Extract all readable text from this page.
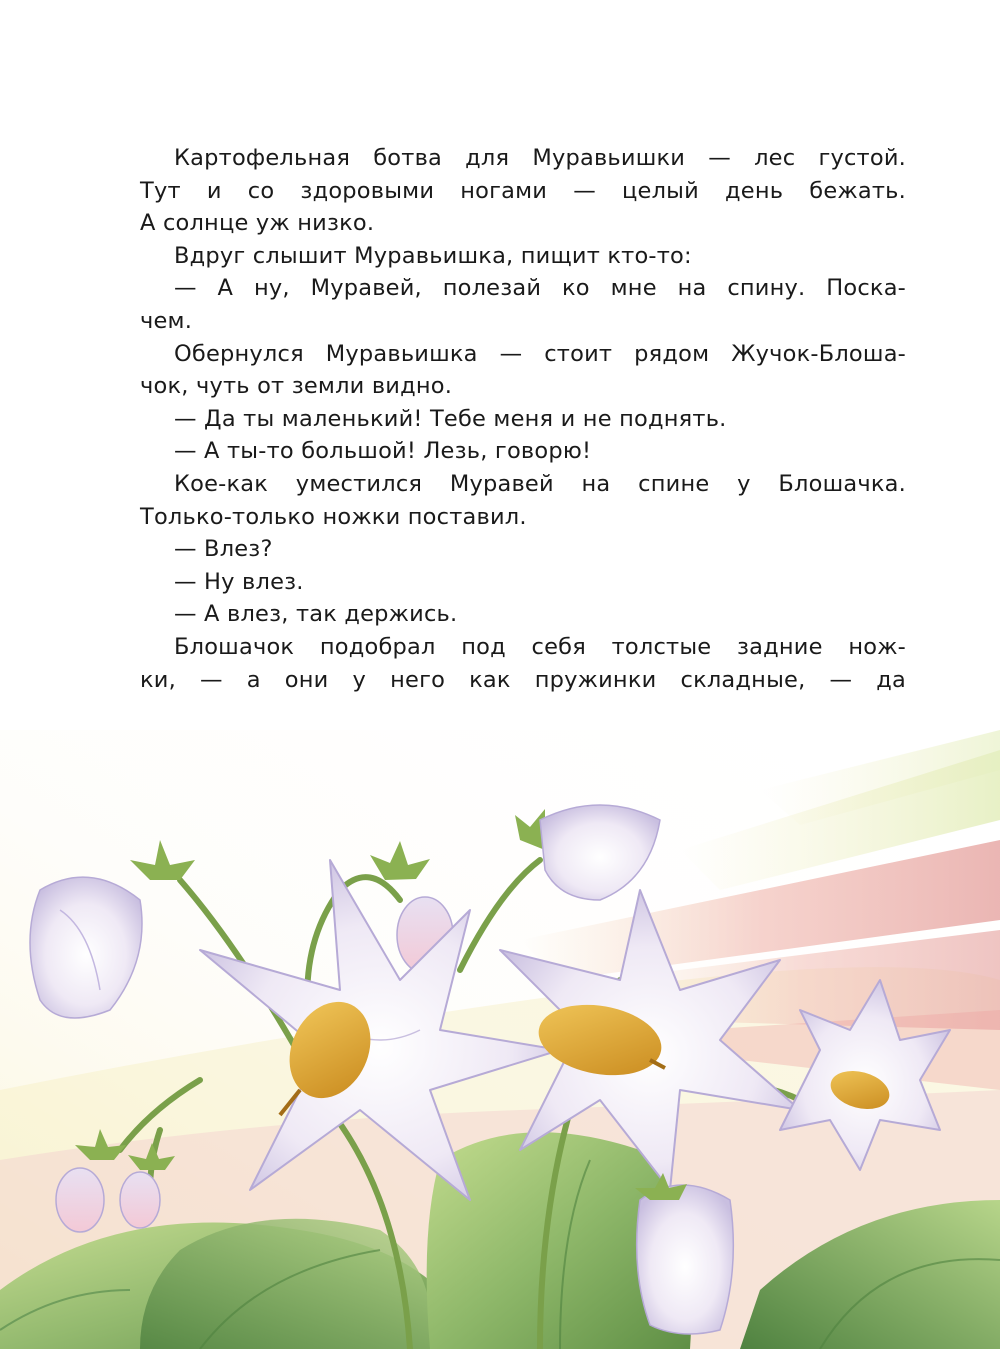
Картофельная ботва для Муравьишки — лес густой.
Тут и со здоровыми ногами — целый день бежать.
А солнце уж низко.

Вдруг слышит Муравьишка, пищит кто-то:

— А ну, Муравей, полезай ко мне на спину. Поска-
чем.

Обернулся Муравьишка — стоит рядом Жучок-Блоша-
чок, чуть от земли видно.

— Да ты маленький! Тебе меня и не поднять.

— А ты-то большой! Лезь, говорю!

Кое-как уместился Муравей на спине у Блошачка.
Только-только ножки поставил.

— Влез?

— Ну влез.

— А влез, так держись.

Блошачок подобрал под себя толстые задние нож-
ки, — а они у него как пружинки складные, — да
